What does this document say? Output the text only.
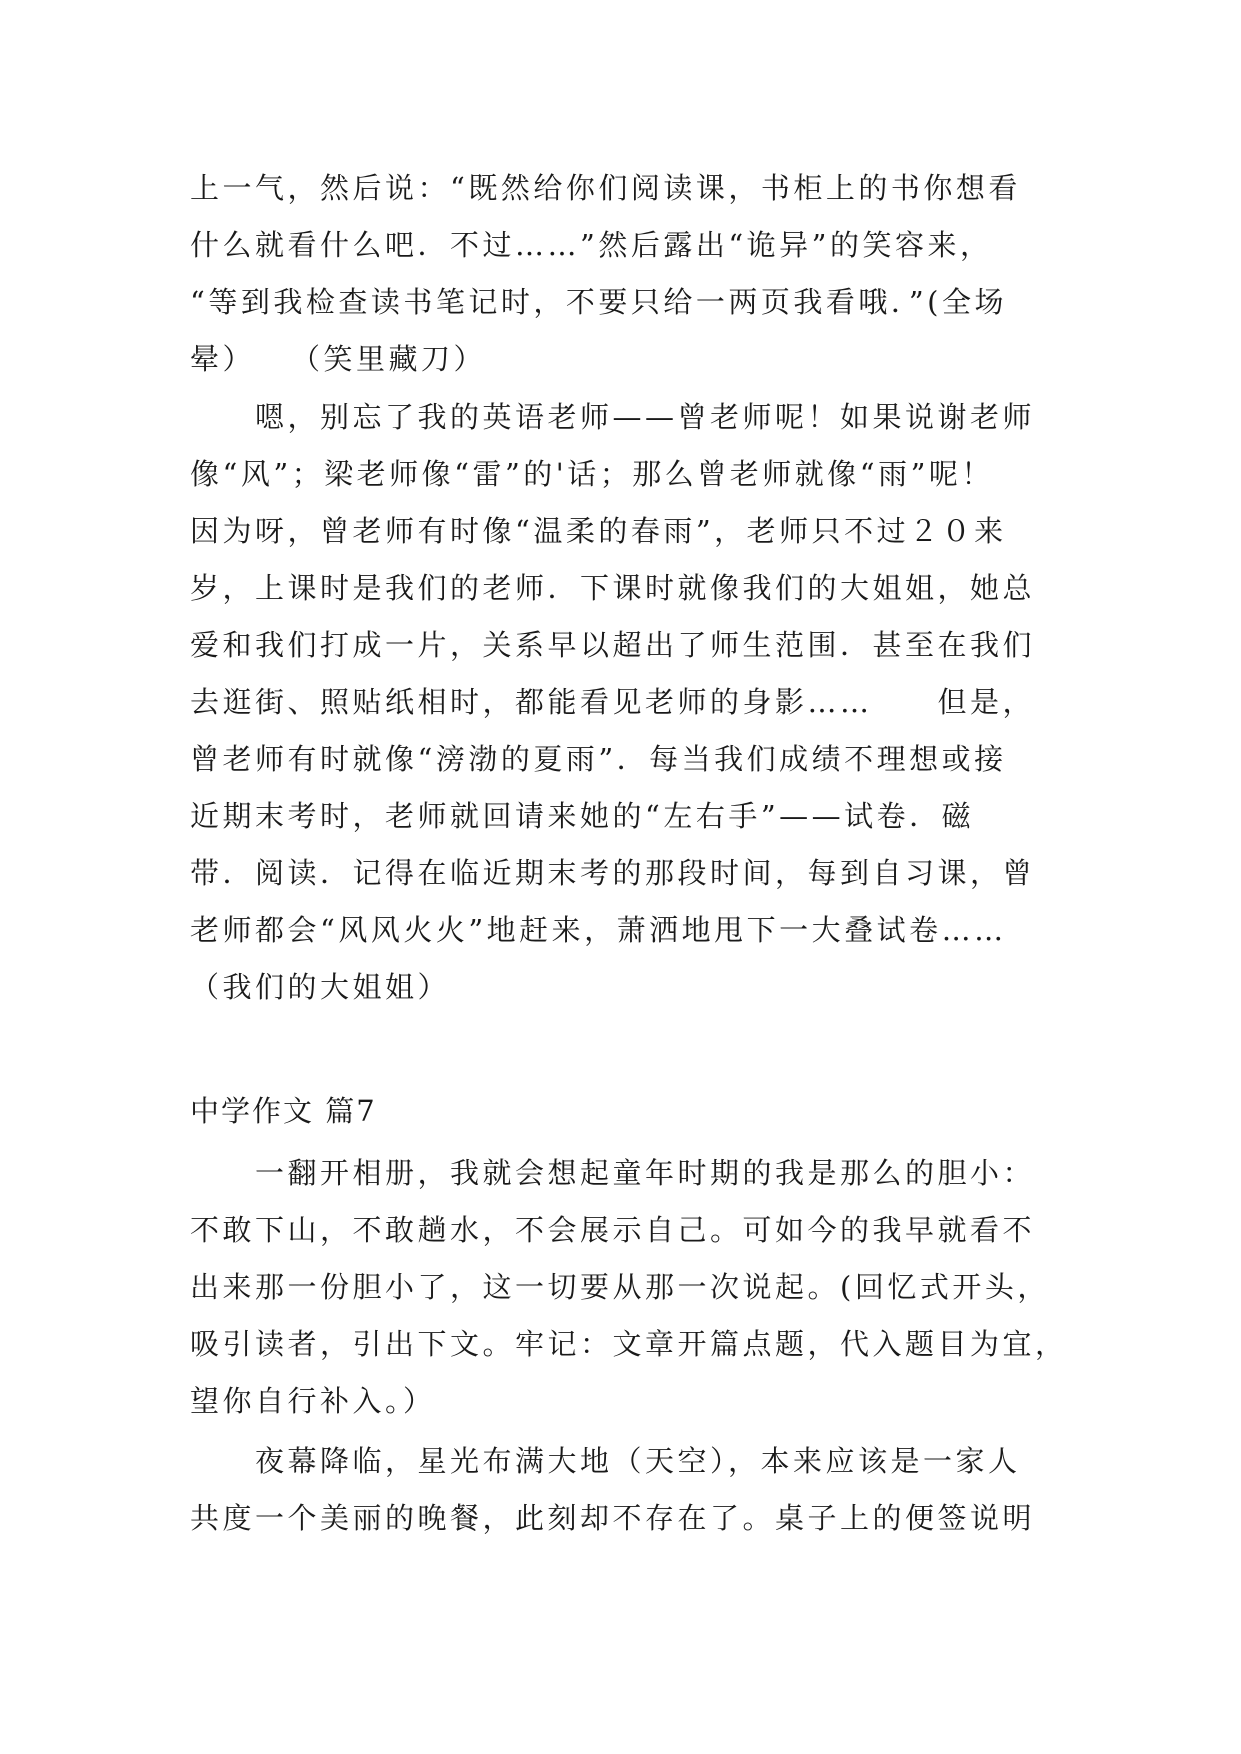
上一气，然后说：“既然给你们阅读课，书柜上的书你想看
什么就看什么吧．不过……”然后露出“诡异”的笑容来，
“等到我检查读书笔记时，不要只给一两页我看哦．”(全场
晕）　　（笑里藏刀）
　　嗯，别忘了我的英语老师——曾老师呢！如果说谢老师
像“风”；梁老师像“雷”的'话；那么曾老师就像“雨”呢！
因为呀，曾老师有时像“温柔的春雨”，老师只不过２０来
岁，上课时是我们的老师．下课时就像我们的大姐姐，她总
爱和我们打成一片，关系早以超出了师生范围．甚至在我们
去逛街、照贴纸相时，都能看见老师的身影……　　但是，
曾老师有时就像“滂渤的夏雨”．每当我们成绩不理想或接
近期末考时，老师就回请来她的“左右手”——试卷．磁
带．阅读．记得在临近期末考的那段时间，每到自习课，曾
老师都会“风风火火”地赶来，萧洒地甩下一大叠试卷……
（我们的大姐姐）
中学作文 篇7
　　一翻开相册，我就会想起童年时期的我是那么的胆小：
不敢下山，不敢趟水，不会展示自己。可如今的我早就看不
出来那一份胆小了，这一切要从那一次说起。(回忆式开头，
吸引读者，引出下文。牢记：文章开篇点题，代入题目为宜，
望你自行补入。）
　　夜幕降临，星光布满大地（天空），本来应该是一家人
共度一个美丽的晚餐，此刻却不存在了。桌子上的便签说明
